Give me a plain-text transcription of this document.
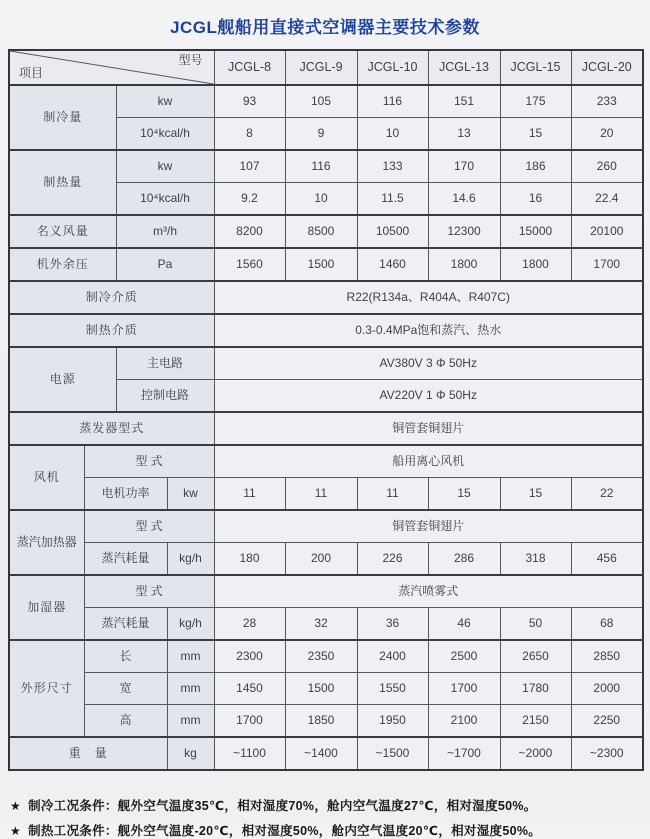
JCGL舰船用直接式空调器主要技术参数
项目
型号				JCGL-8	JCGL-9	JCGL-10	JCGL-13	JCGL-15	JCGL-20
制冷量		kw		93	105	116	151	175	233
		10⁴kcal/h		8	9	10	13	15	20
制热量		kw		107	116	133	170	186	260
		10⁴kcal/h		9.2	10	11.5	14.6	16	22.4
名义风量		m³/h		8200	8500	10500	12300	15000	20100
机外余压		Pa		1560	1500	1460	1800	1800	1700
制冷介质				R22(R134a、R404A、R407C)					
制热介质				0.3-0.4MPa饱和蒸汽、热水					
电源		主电路		AV380V 3 Φ 50Hz					
		控制电路		AV220V 1 Φ 50Hz					
蒸发器型式				铜管套铜翅片					
风机	型 式			船用离心风机					
	电机功率		kw	11	11	11	15	15	22
蒸汽加热器	型 式			铜管套铜翅片					
	蒸汽耗量		kg/h	180	200	226	286	318	456
加湿器	型 式			蒸汽喷雾式					
	蒸汽耗量		kg/h	28	32	36	46	50	68
外形尺寸	长		mm	2300	2350	2400	2500	2650	2850
	宽		mm	1450	1500	1550	1700	1780	2000
	高		mm	1700	1850	1950	2100	2150	2250
重　量			kg	~1100	~1400	~1500	~1700	~2000	~2300
★ 制冷工况条件：舰外空气温度35℃，相对湿度70%，舱内空气温度27℃，相对湿度50%。
★ 制热工况条件：舰外空气温度-20℃，相对湿度50%，舱内空气温度20℃，相对湿度50%。
